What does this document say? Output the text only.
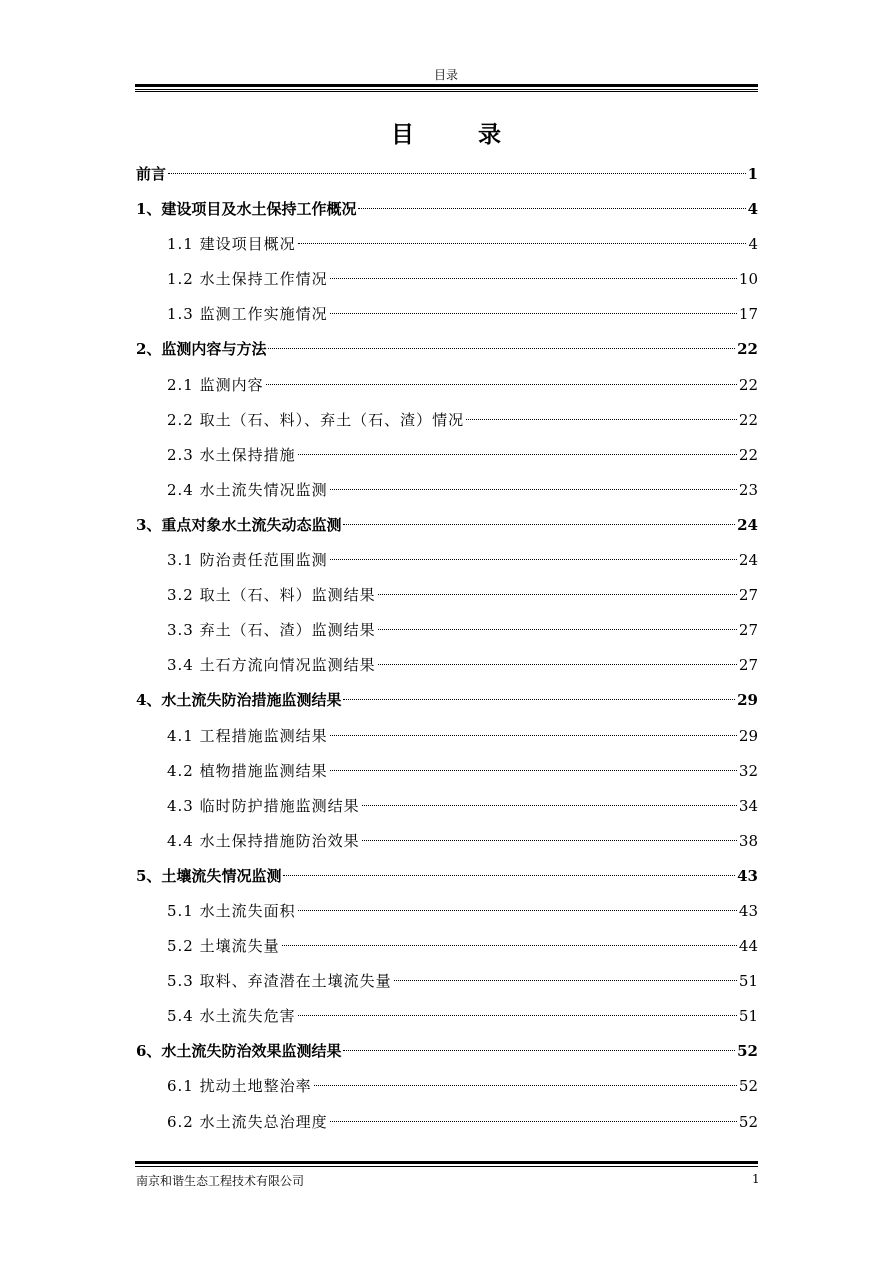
目录
目 录
前言	1
1、建设项目及水土保持工作概况	4
1.1 建设项目概况	4
1.2 水土保持工作情况	10
1.3 监测工作实施情况	17
2、监测内容与方法	22
2.1 监测内容	22
2.2 取土（石、料）、弃土（石、渣）情况	22
2.3 水土保持措施	22
2.4 水土流失情况监测	23
3、重点对象水土流失动态监测	24
3.1 防治责任范围监测	24
3.2 取土（石、料）监测结果	27
3.3 弃土（石、渣）监测结果	27
3.4 土石方流向情况监测结果	27
4、水土流失防治措施监测结果	29
4.1 工程措施监测结果	29
4.2 植物措施监测结果	32
4.3 临时防护措施监测结果	34
4.4 水土保持措施防治效果	38
5、土壤流失情况监测	43
5.1 水土流失面积	43
5.2 土壤流失量	44
5.3 取料、弃渣潜在土壤流失量	51
5.4 水土流失危害	51
6、水土流失防治效果监测结果	52
6.1 扰动土地整治率	52
6.2 水土流失总治理度	52
南京和谐生态工程技术有限公司	1
